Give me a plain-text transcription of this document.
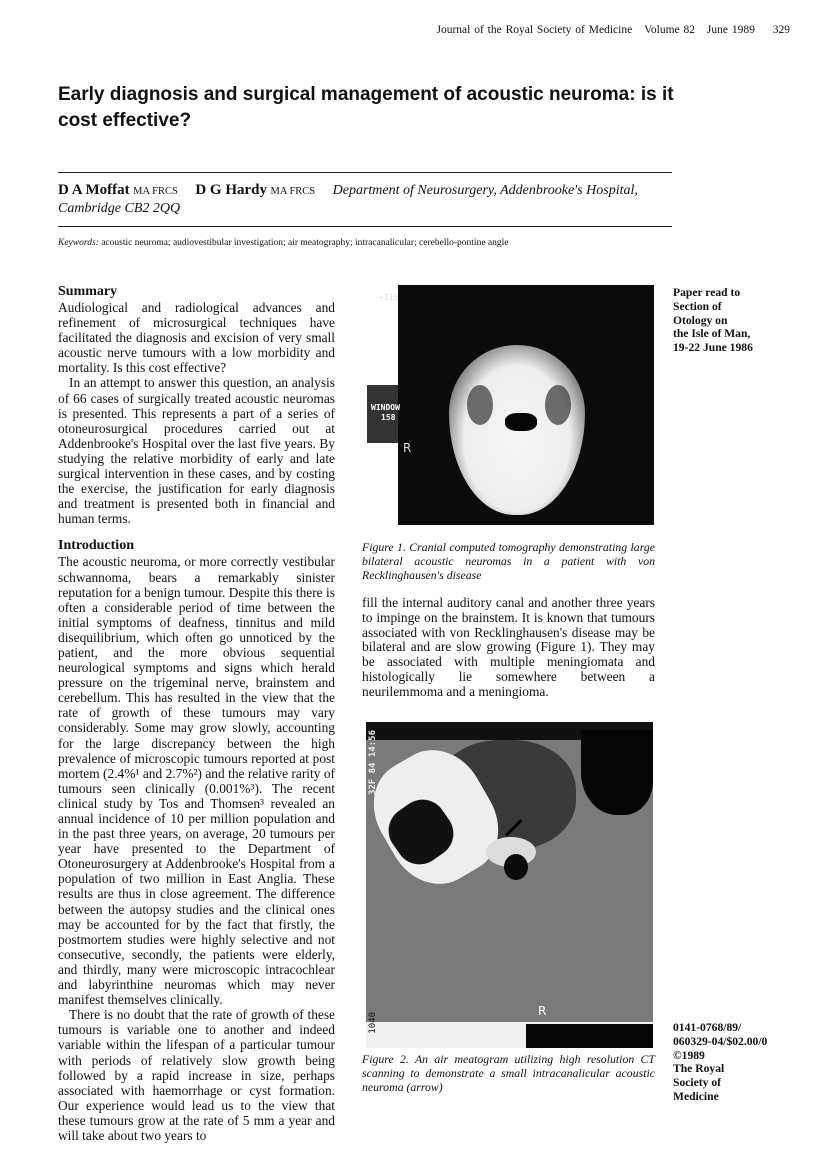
Journal of the Royal Society of Medicine Volume 82 June 1989 329
Early diagnosis and surgical management of acoustic neuroma: is it cost effective?
D A Moffat MA FRCS D G Hardy MA FRCS Department of Neurosurgery, Addenbrooke's Hospital, Cambridge CB2 2QQ
Keywords: acoustic neuroma; audiovestibular investigation; air meatography; intracanalicular; cerebello-pontine angle
Summary

Audiological and radiological advances and refinement of microsurgical techniques have facilitated the diagnosis and excision of very small acoustic nerve tumours with a low morbidity and mortality. Is this cost effective?

In an attempt to answer this question, an analysis of 66 cases of surgically treated acoustic neuromas is presented. This represents a part of a series of otoneurosurgical procedures carried out at Addenbrooke's Hospital over the last five years. By studying the relative morbidity of early and late surgical intervention in these cases, and by costing the exercise, the justification for early diagnosis and treatment is presented both in financial and human terms.

Introduction

The acoustic neuroma, or more correctly vestibular schwannoma, bears a remarkably sinister reputation for a benign tumour. Despite this there is often a considerable period of time between the initial symptoms of deafness, tinnitus and mild disequilibrium, which often go unnoticed by the patient, and the more obvious sequential neurological symptoms and signs which herald pressure on the trigeminal nerve, brainstem and cerebellum. This has resulted in the view that the rate of growth of these tumours may vary considerably. Some may grow slowly, accounting for the large discrepancy between the high prevalence of microscopic tumours reported at post mortem (2.4%¹ and 2.7%²) and the relative rarity of tumours seen clinically (0.001%³). The recent clinical study by Tos and Thomsen³ revealed an annual incidence of 10 per million population and in the past three years, on average, 20 tumours per year have presented to the Department of Otoneurosurgery at Addenbrooke's Hospital from a population of two million in East Anglia. These results are thus in close agreement. The difference between the autopsy studies and the clinical ones may be accounted for by the fact that firstly, the postmortem studies were highly selective and not consecutive, secondly, the patients were elderly, and thirdly, many were microscopic intracochlear and labyrinthine neuromas which may never manifest themselves clinically.

There is no doubt that the rate of growth of these tumours is variable one to another and indeed variable within the lifespan of a particular tumour with periods of relatively slow growth being followed by a rapid increase in size, perhaps associated with haemorrhage or cyst formation. Our experience would lead us to the view that these tumours grow at the rate of 5 mm a year and will take about two years to

+115
WINDOW
158
R
Figure 1. Cranial computed tomography demonstrating large bilateral acoustic neuromas in a patient with von Recklinghausen's disease
fill the internal auditory canal and another three years to impinge on the brainstem. It is known that tumours associated with von Recklinghausen's disease may be bilateral and are slow growing (Figure 1). They may be associated with multiple meningiomata and histologically lie somewhere between a neurilemmoma and a meningioma.
32F 84 14:56
1040
R
Figure 2. An air meatogram utilizing high resolution CT scanning to demonstrate a small intracanalicular acoustic neuroma (arrow)
Paper read to
Section of
Otology on
the Isle of Man,
19-22 June 1986
0141-0768/89/
060329-04/$02.00/0
©1989
The Royal
Society of
Medicine
